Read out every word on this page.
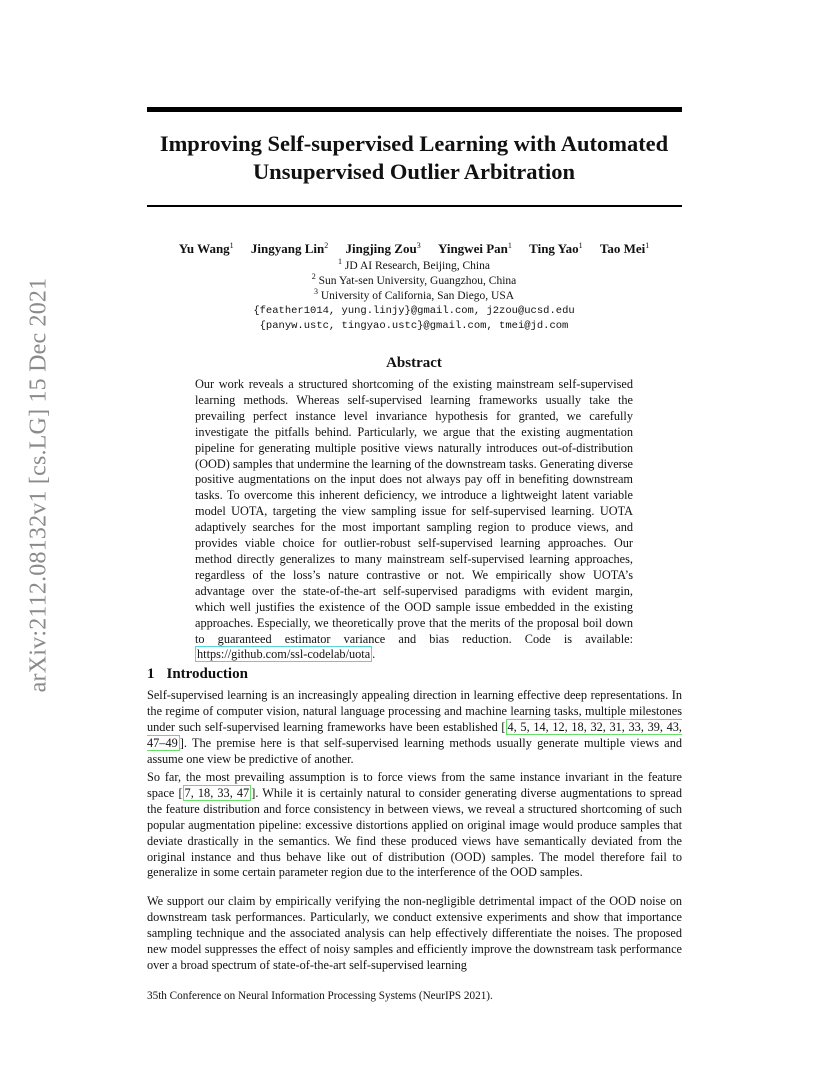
arXiv:2112.08132v1 [cs.LG] 15 Dec 2021
Improving Self-supervised Learning with Automated
Unsupervised Outlier Arbitration
Yu Wang$^1$ Jingyang Lin$^2$ Jingjing Zou$^3$ Yingwei Pan$^1$ Ting Yao$^1$ Tao Mei$^1$
$^1$ JD AI Research, Beijing, China
$^2$ Sun Yat-sen University, Guangzhou, China
$^3$ University of California, San Diego, USA
{feather1014, yung.linjy}@gmail.com, j2zou@ucsd.edu
{panyw.ustc, tingyao.ustc}@gmail.com, tmei@jd.com
Abstract
Our work reveals a structured shortcoming of the existing mainstream self-supervised learning methods. Whereas self-supervised learning frameworks usually take the prevailing perfect instance level invariance hypothesis for granted, we carefully investigate the pitfalls behind. Particularly, we argue that the existing augmentation pipeline for generating multiple positive views naturally introduces out-of-distribution (OOD) samples that undermine the learning of the downstream tasks. Generating diverse positive augmentations on the input does not always pay off in benefiting downstream tasks. To overcome this inherent deficiency, we introduce a lightweight latent variable model UOTA, targeting the view sampling issue for self-supervised learning. UOTA adaptively searches for the most important sampling region to produce views, and provides viable choice for outlier-robust self-supervised learning approaches. Our method directly generalizes to many mainstream self-supervised learning approaches, regardless of the loss’s nature contrastive or not. We empirically show UOTA’s advantage over the state-of-the-art self-supervised paradigms with evident margin, which well justifies the existence of the OOD sample issue embedded in the existing approaches. Especially, we theoretically prove that the merits of the proposal boil down to guaranteed estimator variance and bias reduction. Code is available: https://github.com/ssl-codelab/uota .
1 Introduction
Self-supervised learning is an increasingly appealing direction in learning effective deep representations. In the regime of computer vision, natural language processing and machine learning tasks, multiple milestones under such self-supervised learning frameworks have been established [ 4, 5, 14, 12, 18, 32, 31, 33, 39, 43, 47–49 ]. The premise here is that self-supervised learning methods usually generate multiple views and assume one view be predictive of another.
So far, the most prevailing assumption is to force views from the same instance invariant in the feature space [ 7, 18, 33, 47 ]. While it is certainly natural to consider generating diverse augmentations to spread the feature distribution and force consistency in between views, we reveal a structured shortcoming of such popular augmentation pipeline: excessive distortions applied on original image would produce samples that deviate drastically in the semantics. We find these produced views have semantically deviated from the original instance and thus behave like out of distribution (OOD) samples. The model therefore fail to generalize in some certain parameter region due to the interference of the OOD samples.
We support our claim by empirically verifying the non-negligible detrimental impact of the OOD noise on downstream task performances. Particularly, we conduct extensive experiments and show that importance sampling technique and the associated analysis can help effectively differentiate the noises. The proposed new model suppresses the effect of noisy samples and efficiently improve the downstream task performance over a broad spectrum of state-of-the-art self-supervised learning
35th Conference on Neural Information Processing Systems (NeurIPS 2021).
